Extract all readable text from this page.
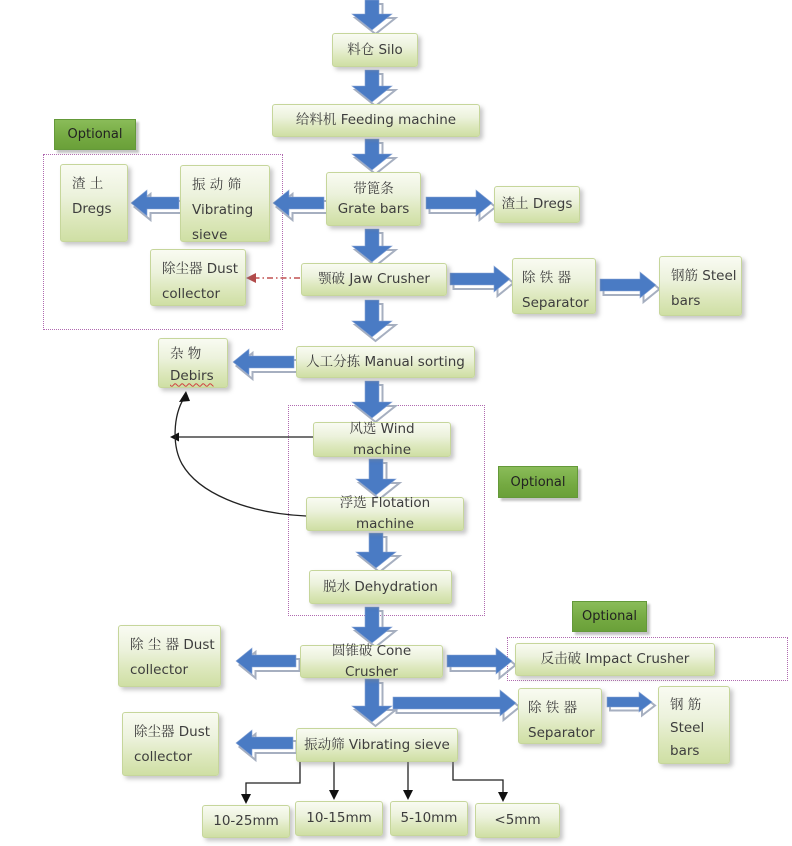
Optional
Optional
Optional
料仓 Silo
给料机 Feeding machine
带篦条
Grate bars	渣土 Dregs
振 动 筛
Vibrating
sieve
渣 土
Dregs
除尘器 Dust
collector
颚破 Jaw Crusher	除 铁 器
Separator
钢筋 Steel
bars
杂 物
Debirs
人工分拣 Manual sorting
风选 Wind machine
浮选 Flotation machine
脱水 Dehydration
除 尘 器 Dust
collector
圆锥破 Cone Crusher
反击破 Impact Crusher
除 铁 器
Separator
钢 筋
Steel
bars
除尘器 Dust
collector
振动筛 Vibrating sieve
10-25mm 10-15mm 5-10mm	<5mm
